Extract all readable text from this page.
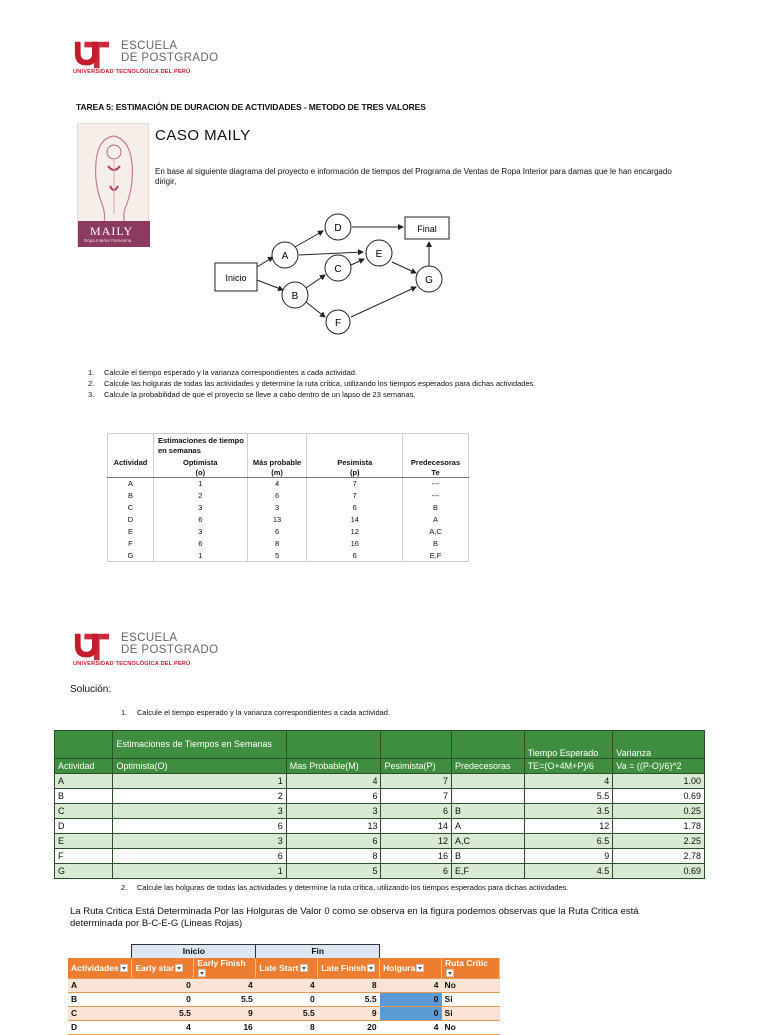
ESCUELA
DE POSTGRADO
UNIVERSIDAD TECNOLÓGICA DEL PERÚ
TAREA 5: ESTIMACIÓN DE DURACION DE ACTIVIDADES - METODO DE TRES VALORES
MAILY
Ropa Interior Femenina
CASO MAILY
En base al siguiente diagrama del proyecto e información de tiempos del Programa de Ventas de Ropa Interior para damas que le han encargado dirigir,
Inicio
A
B
C
D
E
F
G
Final
1. Calcule el tiempo esperado y la varianza correspondientes a cada actividad.
2. Calcule las holguras de todas las actividades y determine la ruta crítica, utilizando los tiempos esperados para dichas actividades.
3. Calcule la probabilidad de que el proyecto se lleve a cabo dentro de un lapso de 23 semanas.
	Estimaciones de tiempo en semanas			
Actividad	Optimista	Más probable	Pesimista	Predecesoras
	(o)	(m)	(p)	Te
A	1	4	7	---
B	2	6	7	---
C	3	3	6	B
D	6	13	14	A
E	3	6	12	A,C
F	6	8	16	B
G	1	5	6	E,F
ESCUELA
DE POSTGRADO
UNIVERSIDAD TECNOLÓGICA DEL PERÚ
Solución:
1. Calcule el tiempo esperado y la varianza correspondientes a cada actividad.
	Estimaciones de Tiempos en Semanas				Tiempo Esperado	Varianza
Actividad	Optimista(O)	Mas Probable(M)	Pesimista(P)	Predecesoras	TE=(O+4M+P)/6	Va = ((P-O)/6)^2
A	1	4	7		4	1.00
B	2	6	7		5.5	0.69
C	3	3	6	B	3.5	0.25
D	6	13	14	A	12	1.78
E	3	6	12	A,C	6.5	2.25
F	6	8	16	B	9	2.78
G	1	5	6	E,F	4.5	0.69
2. Calcule las holguras de todas las actividades y determine la ruta crítica, utilizando los tiempos esperados para dichas actividades.
La Ruta Critica Está Determinada Por las Holguras de Valor 0 como se observa en la figura podemos observas que la Ruta Critica está determinada por B-C-E-G (Lineas Rojas)
	Inicio		Fin			
Actividades	Early star	Early Finish	Late Start	Late Finish	Holgura	Ruta Critic
A	0	4	4	8	4	No
B	0	5.5	0	5.5	0	Si
C	5.5	9	5.5	9	0	Si
D	4	16	8	20	4	No
